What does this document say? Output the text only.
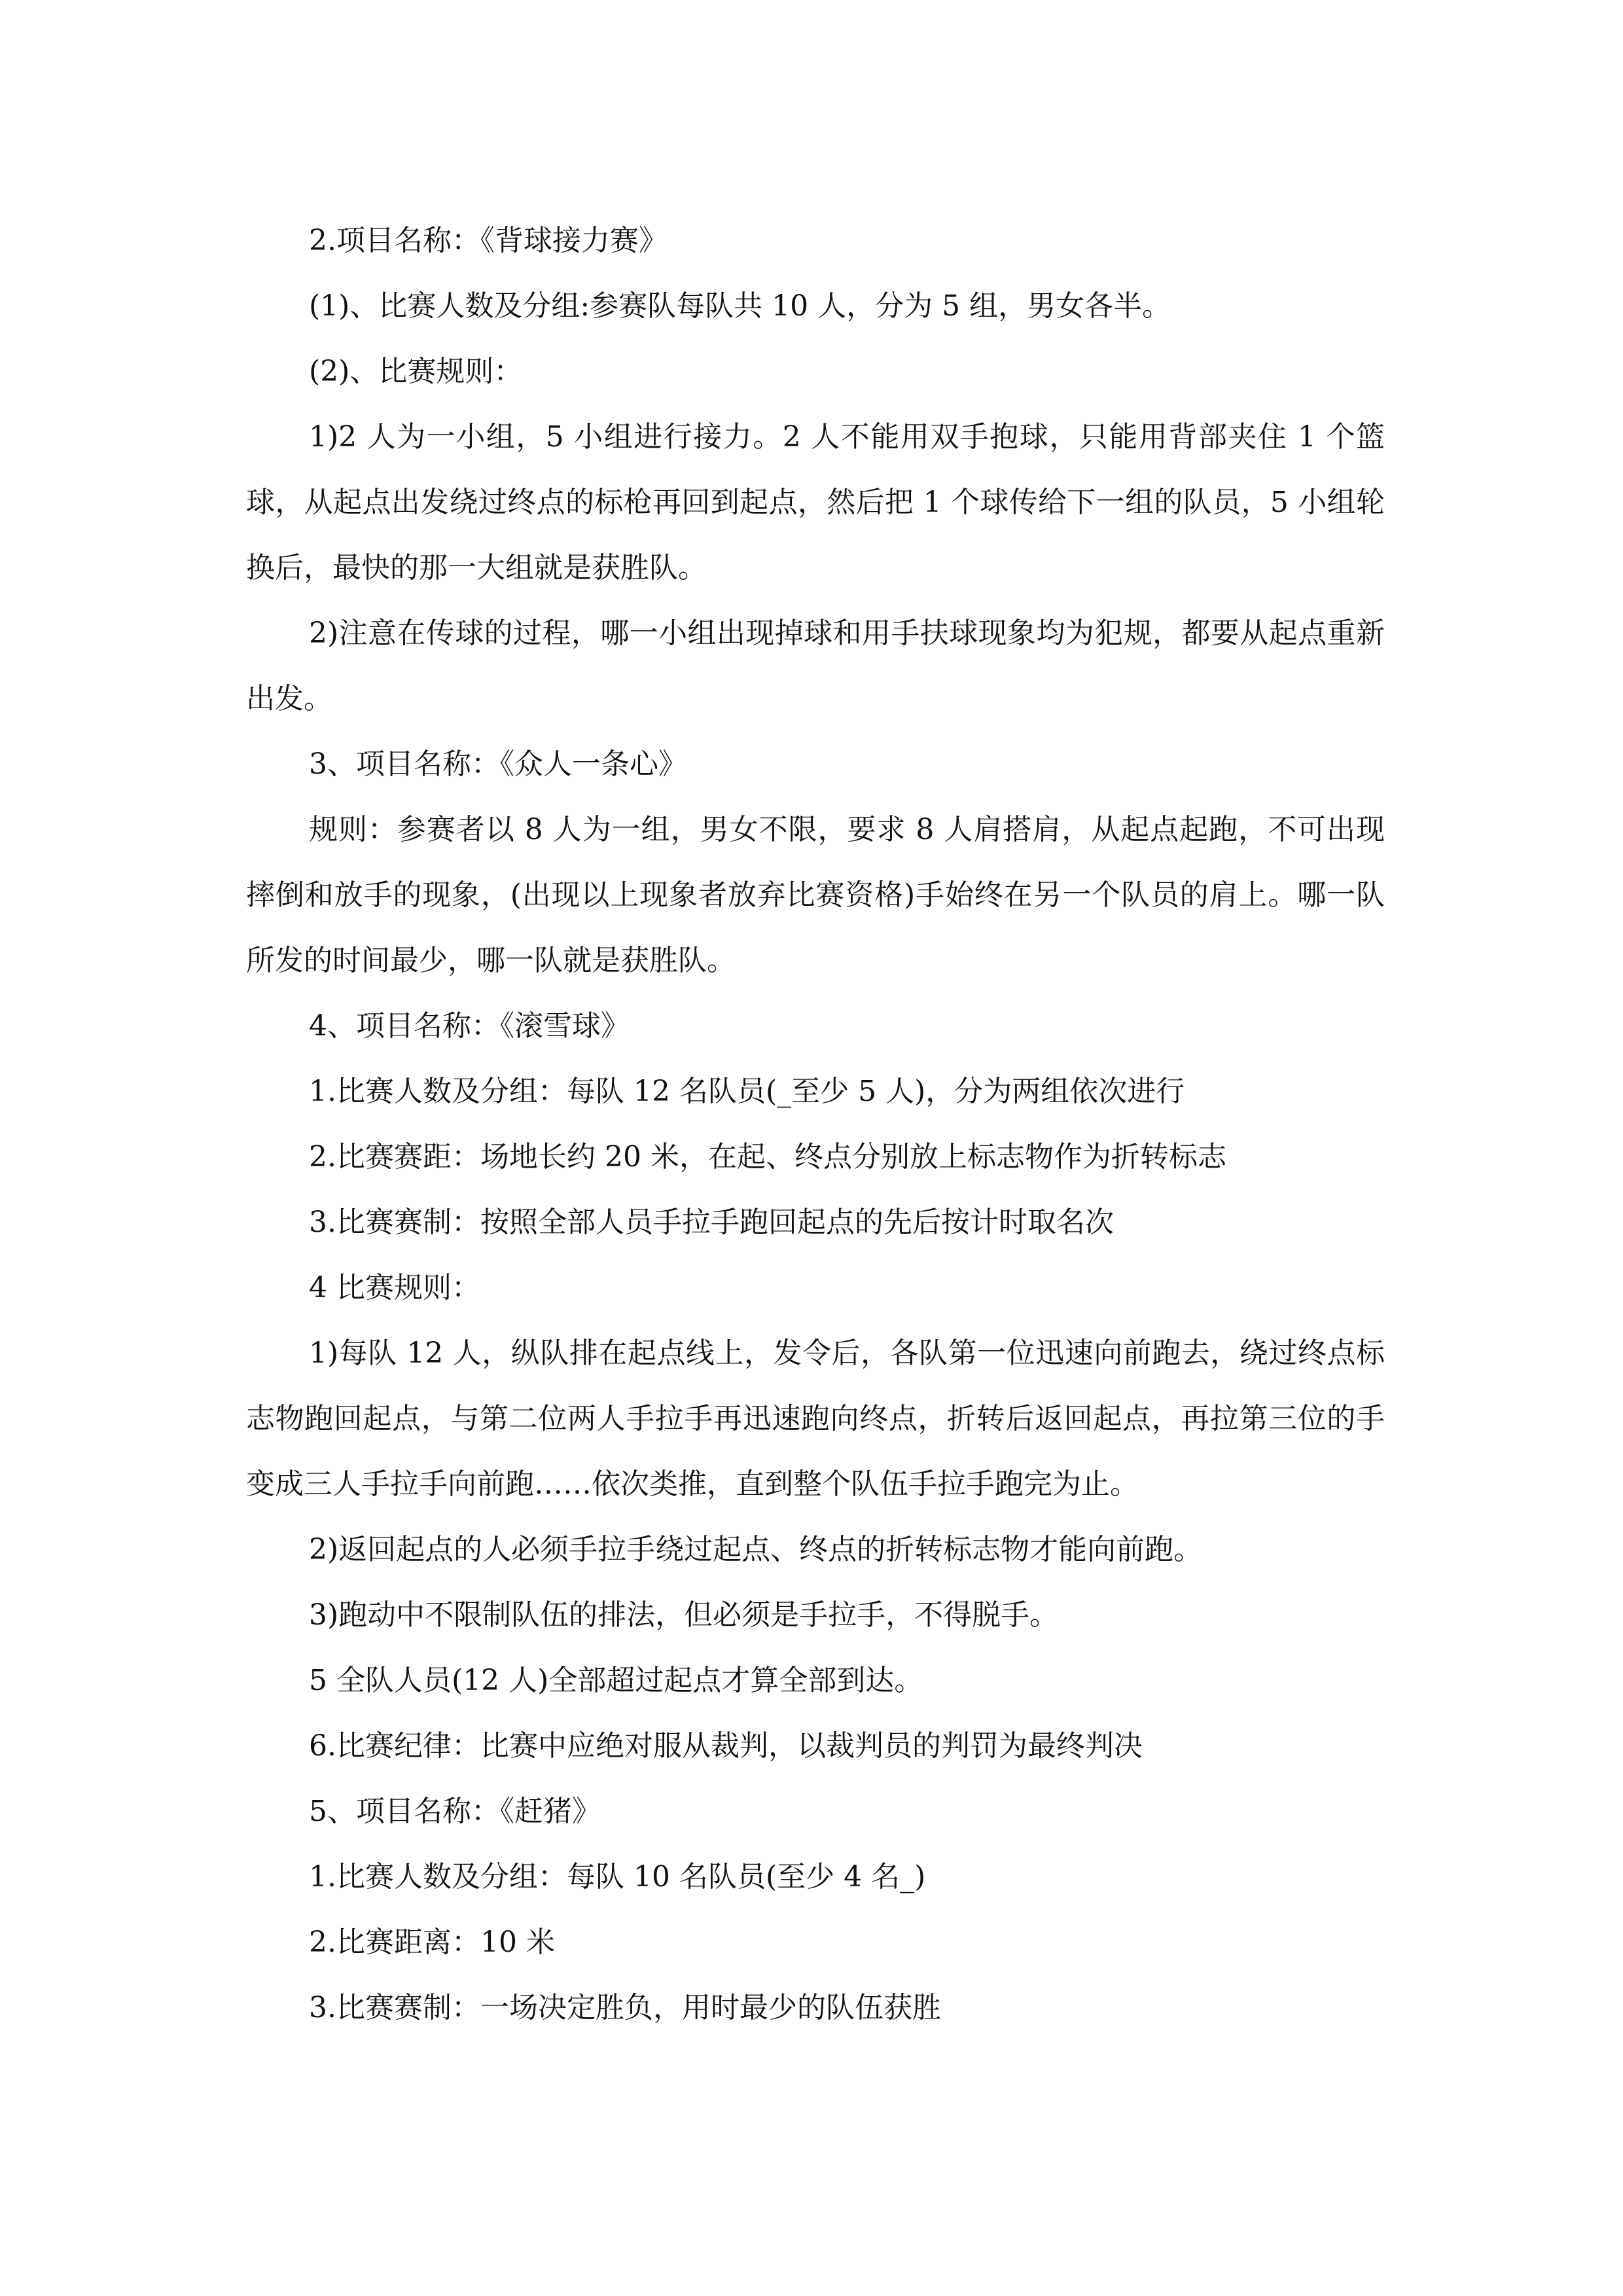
2.项目名称：《背球接力赛》

(1)、比赛人数及分组:参赛队每队共 10 人，分为 5 组，男女各半。

(2)、比赛规则：

1)2 人为一小组，5 小组进行接力。2 人不能用双手抱球，只能用背部夹住 1 个篮球，从起点出发绕过终点的标枪再回到起点，然后把 1 个球传给下一组的队员，5 小组轮换后，最快的那一大组就是获胜队。

2)注意在传球的过程，哪一小组出现掉球和用手扶球现象均为犯规，都要从起点重新出发。

3、项目名称：《众人一条心》

规则：参赛者以 8 人为一组，男女不限，要求 8 人肩搭肩，从起点起跑，不可出现摔倒和放手的现象，(出现以上现象者放弃比赛资格)手始终在另一个队员的肩上。哪一队所发的时间最少，哪一队就是获胜队。

4、项目名称：《滚雪球》

1.比赛人数及分组：每队 12 名队员(_至少 5 人)，分为两组依次进行

2.比赛赛距：场地长约 20 米，在起、终点分别放上标志物作为折转标志

3.比赛赛制：按照全部人员手拉手跑回起点的先后按计时取名次

4 比赛规则：

1)每队 12 人，纵队排在起点线上，发令后，各队第一位迅速向前跑去，绕过终点标志物跑回起点，与第二位两人手拉手再迅速跑向终点，折转后返回起点，再拉第三位的手变成三人手拉手向前跑……依次类推，直到整个队伍手拉手跑完为止。

2)返回起点的人必须手拉手绕过起点、终点的折转标志物才能向前跑。

3)跑动中不限制队伍的排法，但必须是手拉手，不得脱手。

5 全队人员(12 人)全部超过起点才算全部到达。

6.比赛纪律：比赛中应绝对服从裁判，以裁判员的判罚为最终判决

5、项目名称：《赶猪》

1.比赛人数及分组：每队 10 名队员(至少 4 名_)

2.比赛距离：10 米

3.比赛赛制：一场决定胜负，用时最少的队伍获胜
